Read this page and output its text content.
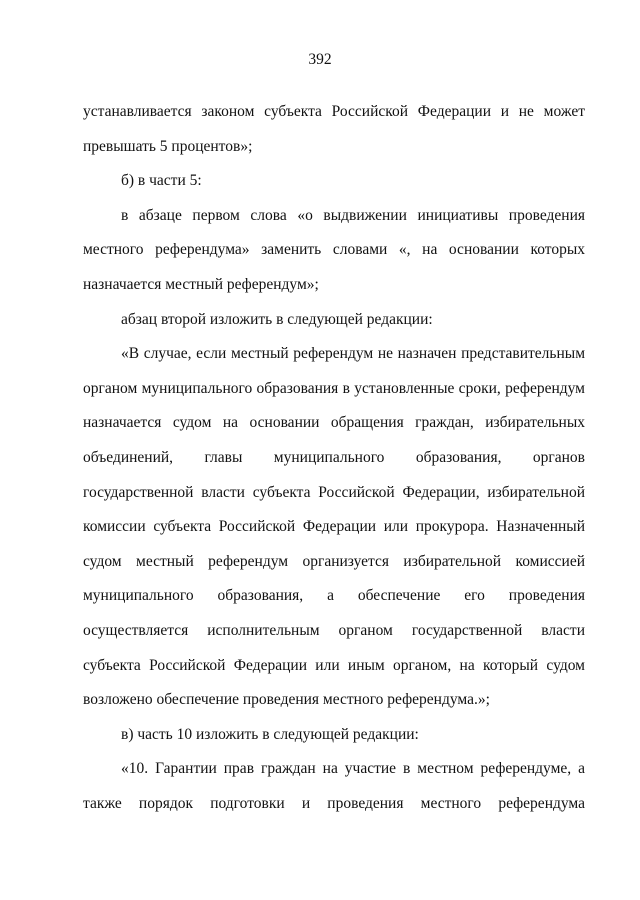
392

устанавливается законом субъекта Российской Федерации и не может превышать 5 процентов»;

б) в части 5:

в абзаце первом слова «о выдвижении инициативы проведения местного референдума» заменить словами «, на основании которых назначается местный референдум»;

абзац второй изложить в следующей редакции:

«В случае, если местный референдум не назначен представительным органом муниципального образования в установленные сроки, референдум назначается судом на основании обращения граждан, избирательных объединений, главы муниципального образования, органов государственной власти субъекта Российской Федерации, избирательной комиссии субъекта Российской Федерации или прокурора. Назначенный судом местный референдум организуется избирательной комиссией муниципального образования, а обеспечение его проведения осуществляется исполнительным органом государственной власти субъекта Российской Федерации или иным органом, на который судом возложено обеспечение проведения местного референдума.»;

в) часть 10 изложить в следующей редакции:

«10. Гарантии прав граждан на участие в местном референдуме, а также порядок подготовки и проведения местного референдума
